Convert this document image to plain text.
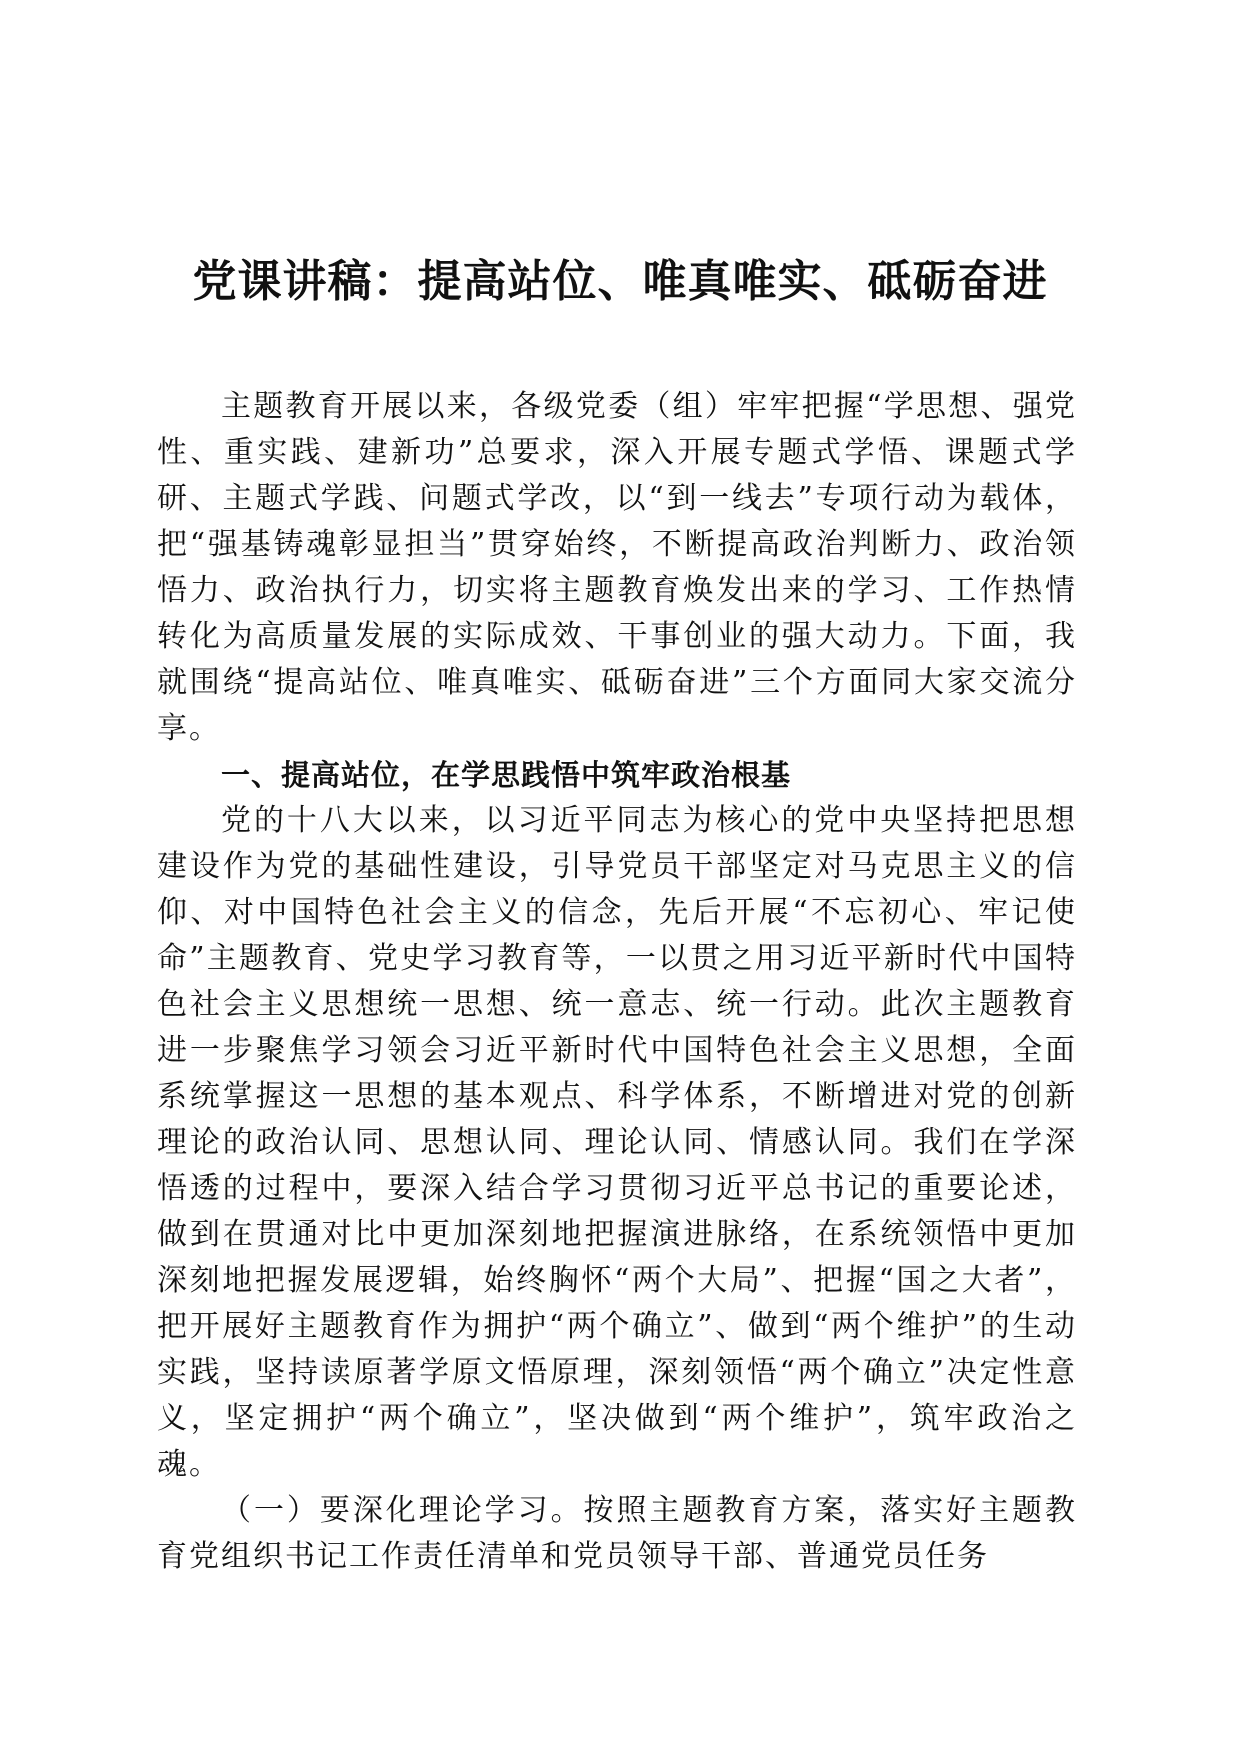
党课讲稿：提高站位、唯真唯实、砥砺奋进

主题教育开展以来，各级党委（组）牢牢把握“学思想、强党性、重实践、建新功”总要求，深入开展专题式学悟、课题式学研、主题式学践、问题式学改，以“到一线去”专项行动为载体，把“强基铸魂彰显担当”贯穿始终，不断提高政治判断力、政治领悟力、政治执行力，切实将主题教育焕发出来的学习、工作热情转化为高质量发展的实际成效、干事创业的强大动力。下面，我就围绕“提高站位、唯真唯实、砥砺奋进”三个方面同大家交流分享。

一、提高站位，在学思践悟中筑牢政治根基

党的十八大以来，以习近平同志为核心的党中央坚持把思想建设作为党的基础性建设，引导党员干部坚定对马克思主义的信仰、对中国特色社会主义的信念，先后开展“不忘初心、牢记使命”主题教育、党史学习教育等，一以贯之用习近平新时代中国特色社会主义思想统一思想、统一意志、统一行动。此次主题教育进一步聚焦学习领会习近平新时代中国特色社会主义思想，全面系统掌握这一思想的基本观点、科学体系，不断增进对党的创新理论的政治认同、思想认同、理论认同、情感认同。我们在学深悟透的过程中，要深入结合学习贯彻习近平总书记的重要论述，做到在贯通对比中更加深刻地把握演进脉络，在系统领悟中更加深刻地把握发展逻辑，始终胸怀“两个大局”、把握“国之大者”，把开展好主题教育作为拥护“两个确立”、做到“两个维护”的生动实践，坚持读原著学原文悟原理，深刻领悟“两个确立”决定性意义，坚定拥护“两个确立”，坚决做到“两个维护”，筑牢政治之魂。

（一）要深化理论学习。按照主题教育方案，落实好主题教育党组织书记工作责任清单和党员领导干部、普通党员任务
